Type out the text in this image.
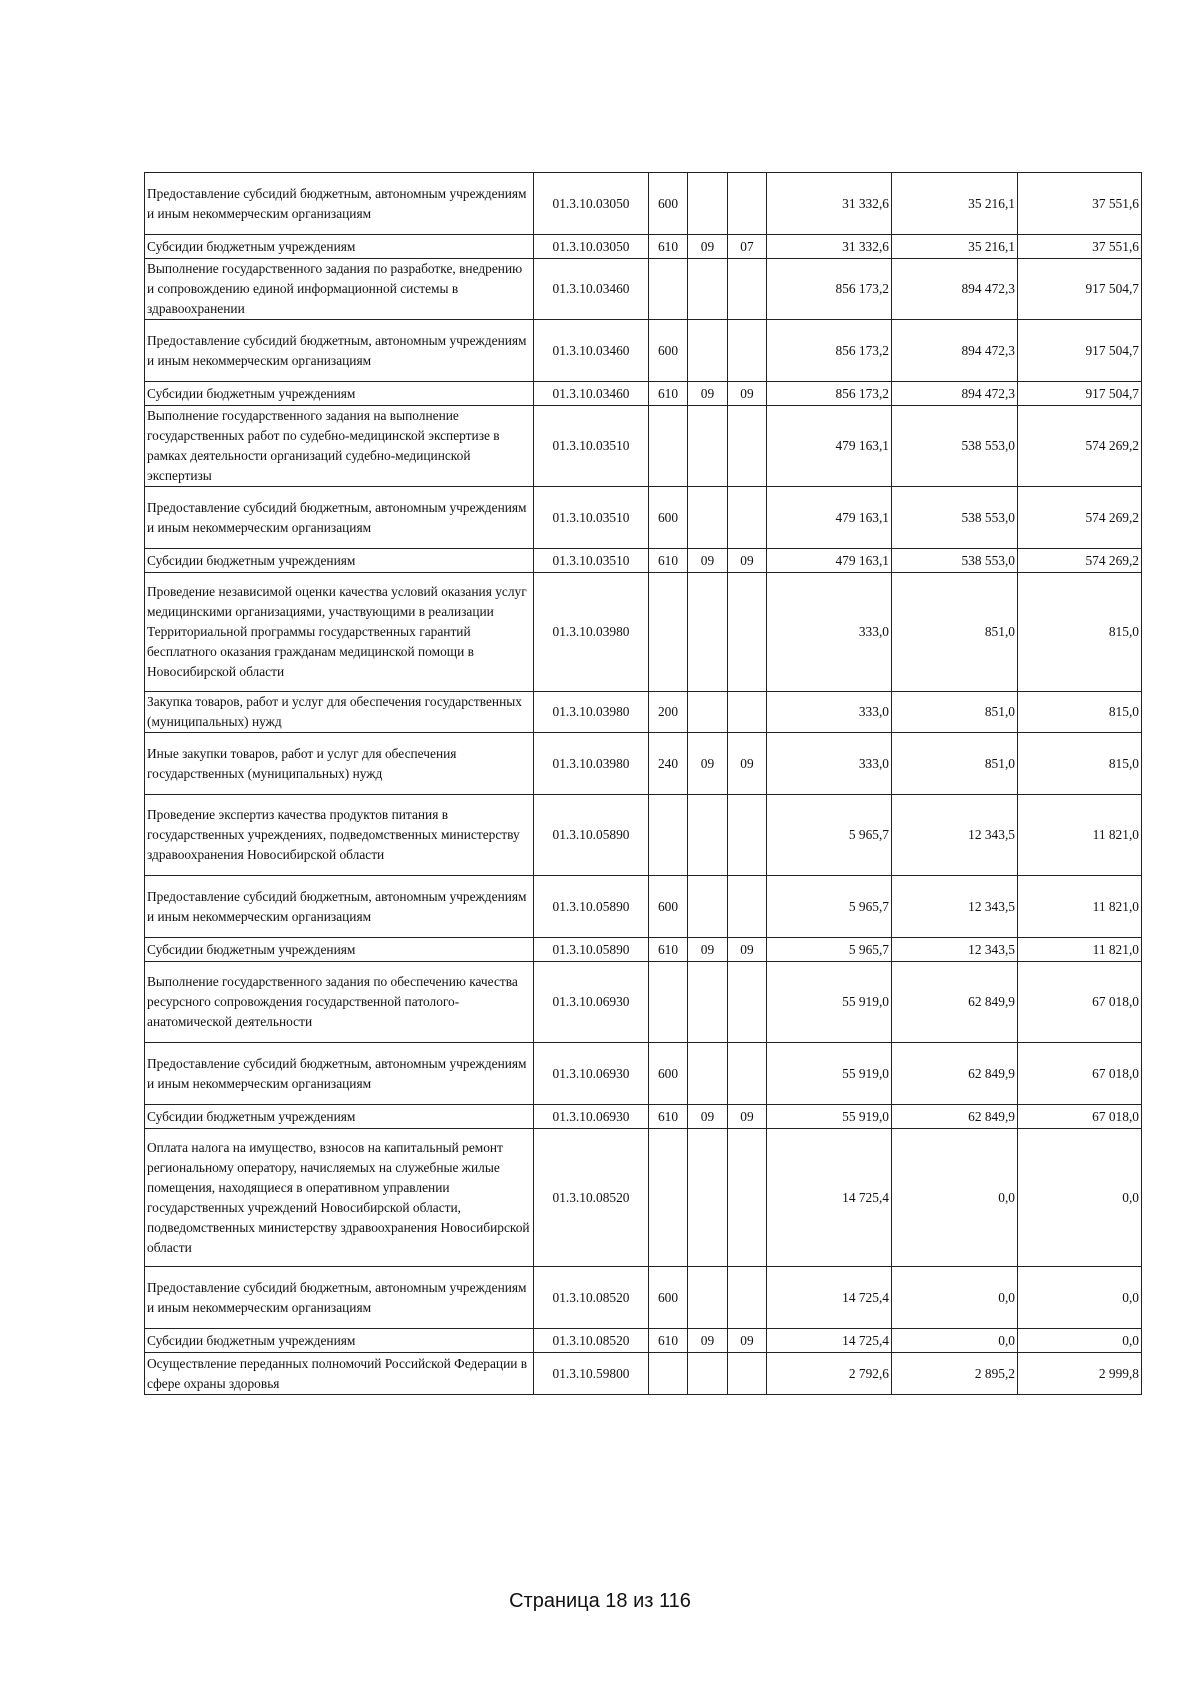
Предоставление субсидий бюджетным, автономным учреждениям и иным некоммерческим организациям	01.3.10.03050	600			31 332,6	35 216,1	37 551,6
Субсидии бюджетным учреждениям	01.3.10.03050	610	09	07	31 332,6	35 216,1	37 551,6
Выполнение государственного задания по разработке, внедрению и сопровождению единой информационной системы в здравоохранении	01.3.10.03460				856 173,2	894 472,3	917 504,7
Предоставление субсидий бюджетным, автономным учреждениям и иным некоммерческим организациям	01.3.10.03460	600			856 173,2	894 472,3	917 504,7
Субсидии бюджетным учреждениям	01.3.10.03460	610	09	09	856 173,2	894 472,3	917 504,7
Выполнение государственного задания на выполнение государственных работ по судебно-медицинской экспертизе в рамках деятельности организаций судебно-медицинской экспертизы	01.3.10.03510				479 163,1	538 553,0	574 269,2
Предоставление субсидий бюджетным, автономным учреждениям и иным некоммерческим организациям	01.3.10.03510	600			479 163,1	538 553,0	574 269,2
Субсидии бюджетным учреждениям	01.3.10.03510	610	09	09	479 163,1	538 553,0	574 269,2
Проведение независимой оценки качества условий оказания услуг медицинскими организациями, участвующими в реализации Территориальной программы государственных гарантий бесплатного оказания гражданам медицинской помощи в Новосибирской области	01.3.10.03980				333,0	851,0	815,0
Закупка товаров, работ и услуг для обеспечения государственных (муниципальных) нужд	01.3.10.03980	200			333,0	851,0	815,0
Иные закупки товаров, работ и услуг для обеспечения государственных (муниципальных) нужд	01.3.10.03980	240	09	09	333,0	851,0	815,0
Проведение экспертиз качества продуктов питания в государственных учреждениях, подведомственных министерству здравоохранения Новосибирской области	01.3.10.05890				5 965,7	12 343,5	11 821,0
Предоставление субсидий бюджетным, автономным учреждениям и иным некоммерческим организациям	01.3.10.05890	600			5 965,7	12 343,5	11 821,0
Субсидии бюджетным учреждениям	01.3.10.05890	610	09	09	5 965,7	12 343,5	11 821,0
Выполнение государственного задания по обеспечению качества ресурсного сопровождения государственной патолого-анатомической деятельности	01.3.10.06930				55 919,0	62 849,9	67 018,0
Предоставление субсидий бюджетным, автономным учреждениям и иным некоммерческим организациям	01.3.10.06930	600			55 919,0	62 849,9	67 018,0
Субсидии бюджетным учреждениям	01.3.10.06930	610	09	09	55 919,0	62 849,9	67 018,0
Оплата налога на имущество, взносов на капитальный ремонт региональному оператору, начисляемых на служебные жилые помещения, находящиеся в оперативном управлении государственных учреждений Новосибирской области, подведомственных министерству здравоохранения Новосибирской области	01.3.10.08520				14 725,4	0,0	0,0
Предоставление субсидий бюджетным, автономным учреждениям и иным некоммерческим организациям	01.3.10.08520	600			14 725,4	0,0	0,0
Субсидии бюджетным учреждениям	01.3.10.08520	610	09	09	14 725,4	0,0	0,0
Осуществление переданных полномочий Российской Федерации в сфере охраны здоровья	01.3.10.59800				2 792,6	2 895,2	2 999,8
Страница 18 из 116
